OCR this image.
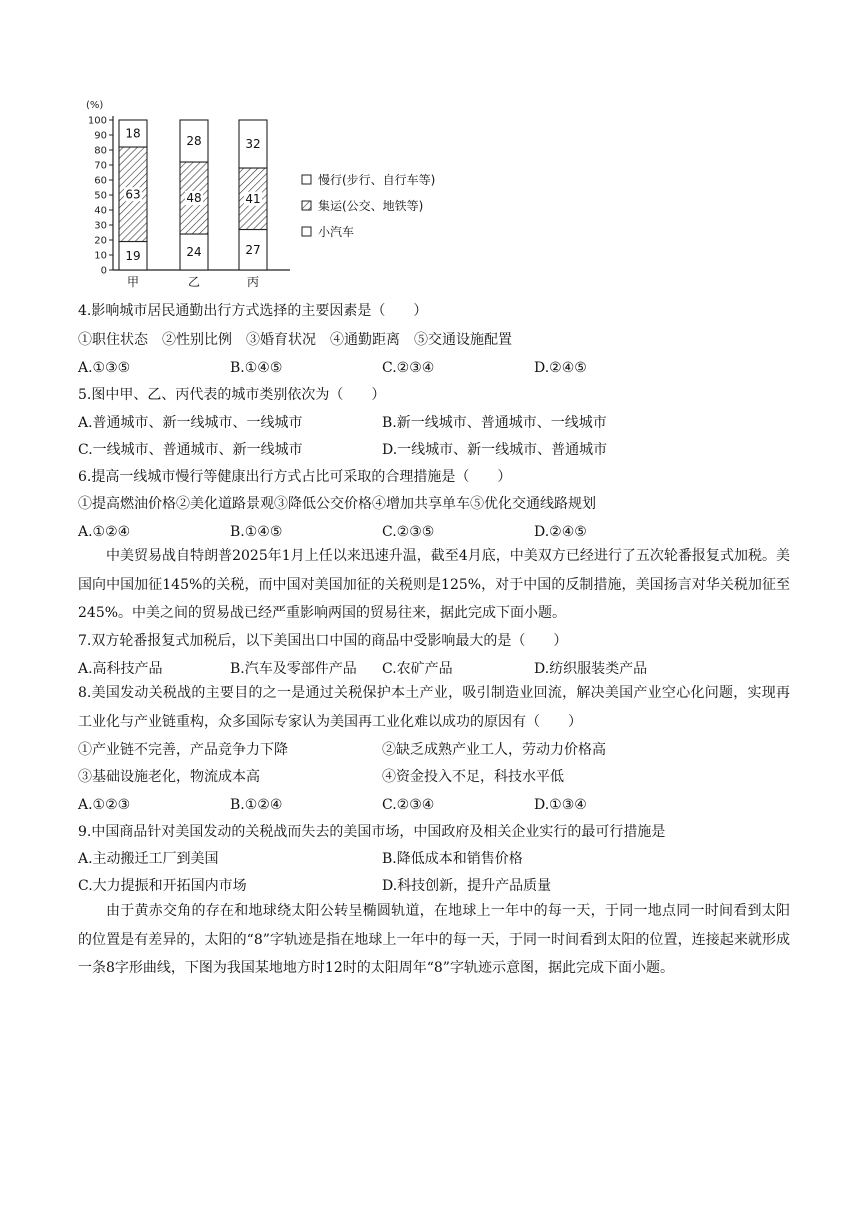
(%)
0
10
20
30
40
50
60
70
80
90
100
19
63
18
甲
24
48
28
乙
27
41
32
丙
慢行(步行、自行车等)
集运(公交、地铁等)
小汽车
4.影响城市居民通勤出行方式选择的主要因素是（　　）
①职住状态　②性别比例　③婚育状况　④通勤距离　⑤交通设施配置
A.①③⑤	B.①④⑤	C.②③④	D.②④⑤
5.图中甲、乙、丙代表的城市类别依次为（　　）
A.普通城市、新一线城市、一线城市	B.新一线城市、普通城市、一线城市
C.一线城市、普通城市、新一线城市	D.一线城市、新一线城市、普通城市
6.提高一线城市慢行等健康出行方式占比可采取的合理措施是（　　）
①提高燃油价格②美化道路景观③降低公交价格④增加共享单车⑤优化交通线路规划
A.①②④	B.①④⑤	C.②③⑤	D.②④⑤
中美贸易战自特朗普2025年1月上任以来迅速升温，截至4月底，中美双方已经进行了五次轮番报复式加税。美国向中国加征145%的关税，而中国对美国加征的关税则是125%，对于中国的反制措施，美国扬言对华关税加征至245%。中美之间的贸易战已经严重影响两国的贸易往来，据此完成下面小题。
7.双方轮番报复式加税后，以下美国出口中国的商品中受影响最大的是（　　）
A.高科技产品	B.汽车及零部件产品 C.农矿产品	D.纺织服装类产品
8.美国发动关税战的主要目的之一是通过关税保护本土产业，吸引制造业回流，解决美国产业空心化问题，实现再工业化与产业链重构，众多国际专家认为美国再工业化难以成功的原因有（　　）
①产业链不完善，产品竞争力下降	②缺乏成熟产业工人，劳动力价格高
③基础设施老化，物流成本高	④资金投入不足，科技水平低
A.①②③	B.①②④	C.②③④	D.①③④
9.中国商品针对美国发动的关税战而失去的美国市场，中国政府及相关企业实行的最可行措施是
A.主动搬迁工厂到美国	B.降低成本和销售价格
C.大力提振和开拓国内市场	D.科技创新，提升产品质量
由于黄赤交角的存在和地球绕太阳公转呈椭圆轨道，在地球上一年中的每一天，于同一地点同一时间看到太阳的位置是有差异的，太阳的“8”字轨迹是指在地球上一年中的每一天，于同一时间看到太阳的位置，连接起来就形成一条8字形曲线，下图为我国某地地方时12时的太阳周年“8”字轨迹示意图，据此完成下面小题。
